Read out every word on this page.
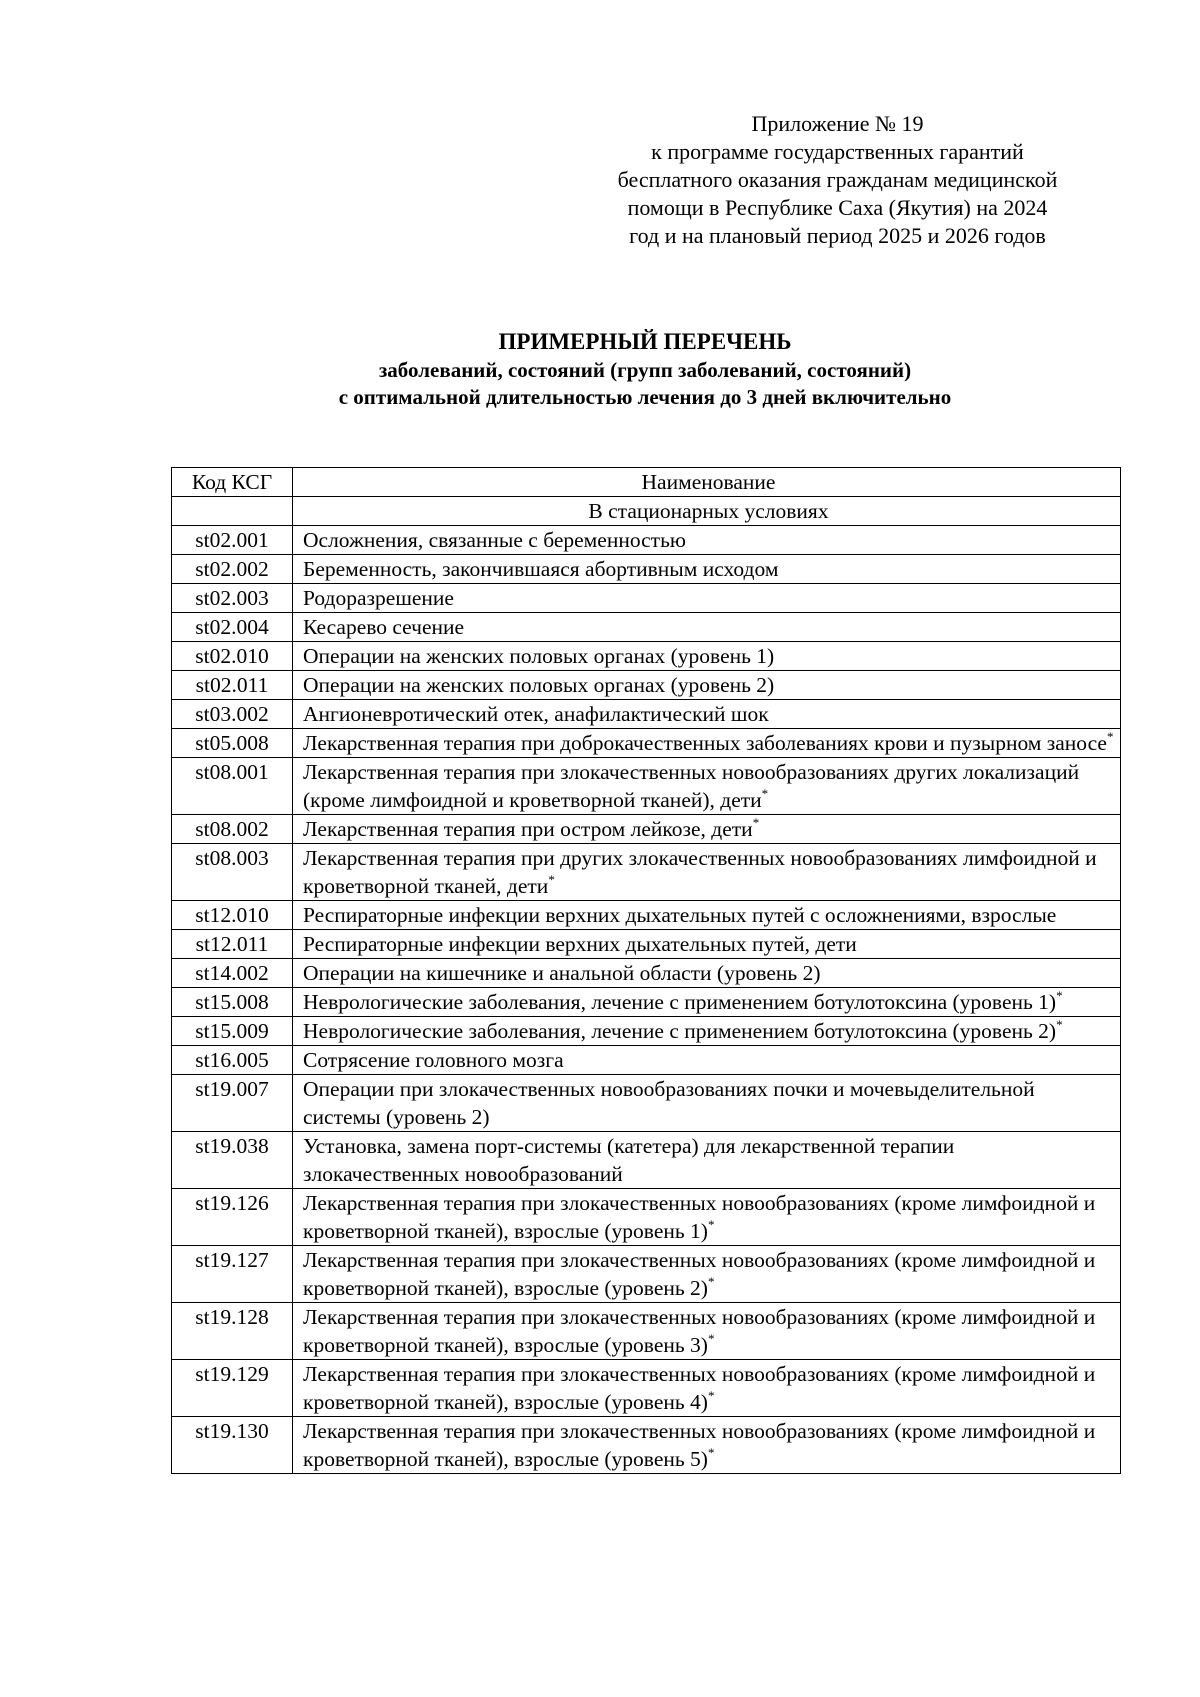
Приложение № 19
к программе государственных гарантий
бесплатного оказания гражданам медицинской
помощи в Республике Саха (Якутия) на 2024
год и на плановый период 2025 и 2026 годов
ПРИМЕРНЫЙ ПЕРЕЧЕНЬ
заболеваний, состояний (групп заболеваний, состояний)
с оптимальной длительностью лечения до 3 дней включительно
Код КСГ	Наименование
	В стационарных условиях
st02.001	Осложнения, связанные с беременностью
st02.002	Беременность, закончившаяся абортивным исходом
st02.003	Родоразрешение
st02.004	Кесарево сечение
st02.010	Операции на женских половых органах (уровень 1)
st02.011	Операции на женских половых органах (уровень 2)
st03.002	Ангионевротический отек, анафилактический шок
st05.008	Лекарственная терапия при доброкачественных заболеваниях крови и пузырном заносе*
st08.001	Лекарственная терапия при злокачественных новообразованиях других локализаций (кроме лимфоидной и кроветворной тканей), дети*
st08.002	Лекарственная терапия при остром лейкозе, дети*
st08.003	Лекарственная терапия при других злокачественных новообразованиях лимфоидной и кроветворной тканей, дети*
st12.010	Респираторные инфекции верхних дыхательных путей с осложнениями, взрослые
st12.011	Респираторные инфекции верхних дыхательных путей, дети
st14.002	Операции на кишечнике и анальной области (уровень 2)
st15.008	Неврологические заболевания, лечение с применением ботулотоксина (уровень 1)*
st15.009	Неврологические заболевания, лечение с применением ботулотоксина (уровень 2)*
st16.005	Сотрясение головного мозга
st19.007	Операции при злокачественных новообразованиях почки и мочевыделительной системы (уровень 2)
st19.038	Установка, замена порт-системы (катетера) для лекарственной терапии злокачественных новообразований
st19.126	Лекарственная терапия при злокачественных новообразованиях (кроме лимфоидной и кроветворной тканей), взрослые (уровень 1)*
st19.127	Лекарственная терапия при злокачественных новообразованиях (кроме лимфоидной и кроветворной тканей), взрослые (уровень 2)*
st19.128	Лекарственная терапия при злокачественных новообразованиях (кроме лимфоидной и кроветворной тканей), взрослые (уровень 3)*
st19.129	Лекарственная терапия при злокачественных новообразованиях (кроме лимфоидной и кроветворной тканей), взрослые (уровень 4)*
st19.130	Лекарственная терапия при злокачественных новообразованиях (кроме лимфоидной и кроветворной тканей), взрослые (уровень 5)*
